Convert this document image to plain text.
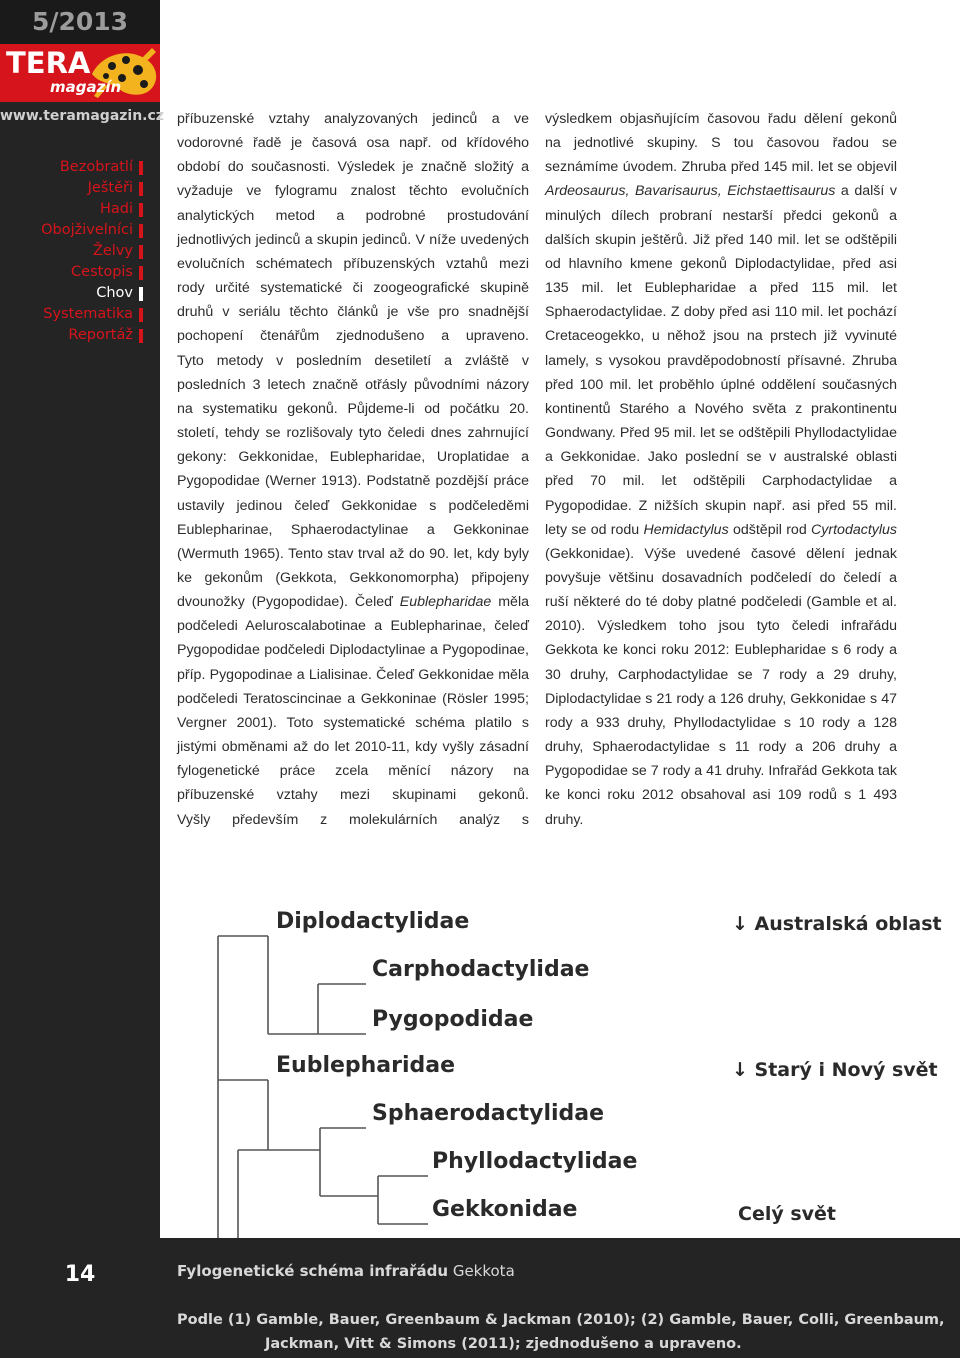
5/2013
TERA
magazín
www.teramagazin.cz
Bezobratlí
Ještěři
Hadi
Obojživelníci
Želvy
Cestopis
Chov
Systematika
Reportáž
14

příbuzenské vztahy analyzovaných jedinců a ve vodorovné řadě je časová osa např. od křídového období do současnosti. Výsledek je značně složitý a vyžaduje ve fylogramu znalost těchto evolučních analytických metod a podrobné prostudování jednotlivých jedinců a skupin jedinců. V níže uvedených evolučních schématech příbuzenských vztahů mezi rody určité systematické či zoogeografické skupině druhů v seriálu těchto článků je vše pro snadnější pochopení čtenářům zjednodušeno a upraveno.

Tyto metody v posledním desetiletí a zvláště v posledních 3 letech značně otřásly původními názory na systematiku gekonů. Půjdeme-li od počátku 20. století, tehdy se rozlišovaly tyto čeledi dnes zahrnující gekony: Gekkonidae, Eublepharidae, Uroplatidae a Pygopodidae (Werner 1913). Podstatně pozdější práce ustavily jedinou čeleď Gekkonidae s podčeleděmi Eublepharinae, Sphaerodactylinae a Gekkoninae (Wermuth 1965). Tento stav trval až do 90. let, kdy byly ke gekonům (Gekkota, Gekkonomorpha) připojeny dvounožky (Pygopodidae). Čeleď Eublepharidae měla podčeledi Aeluroscalabotinae a Eublepharinae, čeleď Pygopodidae podčeledi Diplodactylinae a Pygopodinae, příp. Pygopodinae a Lialisinae. Čeleď Gekkonidae měla podčeledi Teratoscincinae a Gekkoninae (Rösler 1995; Vergner 2001). Toto systematické schéma platilo s jistými obměnami až do let 2010-11, kdy vyšly zásadní fylogenetické práce zcela měnící názory na příbuzenské vztahy mezi skupinami gekonů.

Vyšly především z molekulárních analýz s

výsledkem objasňujícím časovou řadu dělení gekonů na jednotlivé skupiny. S tou časovou řadou se seznámíme úvodem. Zhruba před 145 mil. let se objevil Ardeosaurus, Bavarisaurus, Eichstaettisaurus a další v minulých dílech probraní nestarší předci gekonů a dalších skupin ještěrů. Již před 140 mil. let se odštěpili od hlavního kmene gekonů Diplodactylidae, před asi 135 mil. let Eublepharidae a před 115 mil. let Sphaerodactylidae. Z doby před asi 110 mil. let pochází Cretaceogekko, u něhož jsou na prstech již vyvinuté lamely, s vysokou pravděpodobností přísavné. Zhruba před 100 mil. let proběhlo úplné oddělení současných kontinentů Starého a Nového světa z prakontinentu Gondwany. Před 95 mil. let se odštěpili Phyllodactylidae a Gekkonidae. Jako poslední se v australské oblasti před 70 mil. let odštěpili Carphodactylidae a Pygopodidae. Z nižších skupin např. asi před 55 mil. lety se od rodu Hemidactylus odštěpil rod Cyrtodactylus (Gekkonidae). Výše uvedené časové dělení jednak povyšuje většinu dosavadních podčeledí do čeledí a ruší některé do té doby platné podčeledi (Gamble et al. 2010). Výsledkem toho jsou tyto čeledi infrařádu Gekkota ke konci roku 2012: Eublepharidae s 6 rody a 30 druhy, Carphodactylidae se 7 rody a 29 druhy, Diplodactylidae s 21 rody a 126 druhy, Gekkonidae s 47 rody a 933 druhy, Phyllodactylidae s 10 rody a 128 druhy, Sphaerodactylidae s 11 rody a 206 druhy a Pygopodidae se 7 rody a 41 druhy. Infrařád Gekkota tak ke konci roku 2012 obsahoval asi 109 rodů s 1 493 druhy.

Diplodactylidae
Carphodactylidae
Pygopodidae
Eublepharidae
Sphaerodactylidae
Phyllodactylidae
Gekkonidae
↓ Australská oblast
↓ Starý i Nový svět
Celý svět
Fylogenetické schéma infrařádu Gekkota
Podle (1) Gamble, Bauer, Greenbaum & Jackman (2010); (2) Gamble, Bauer, Colli, Greenbaum,
Jackman, Vitt & Simons (2011); zjednodušeno a upraveno.
